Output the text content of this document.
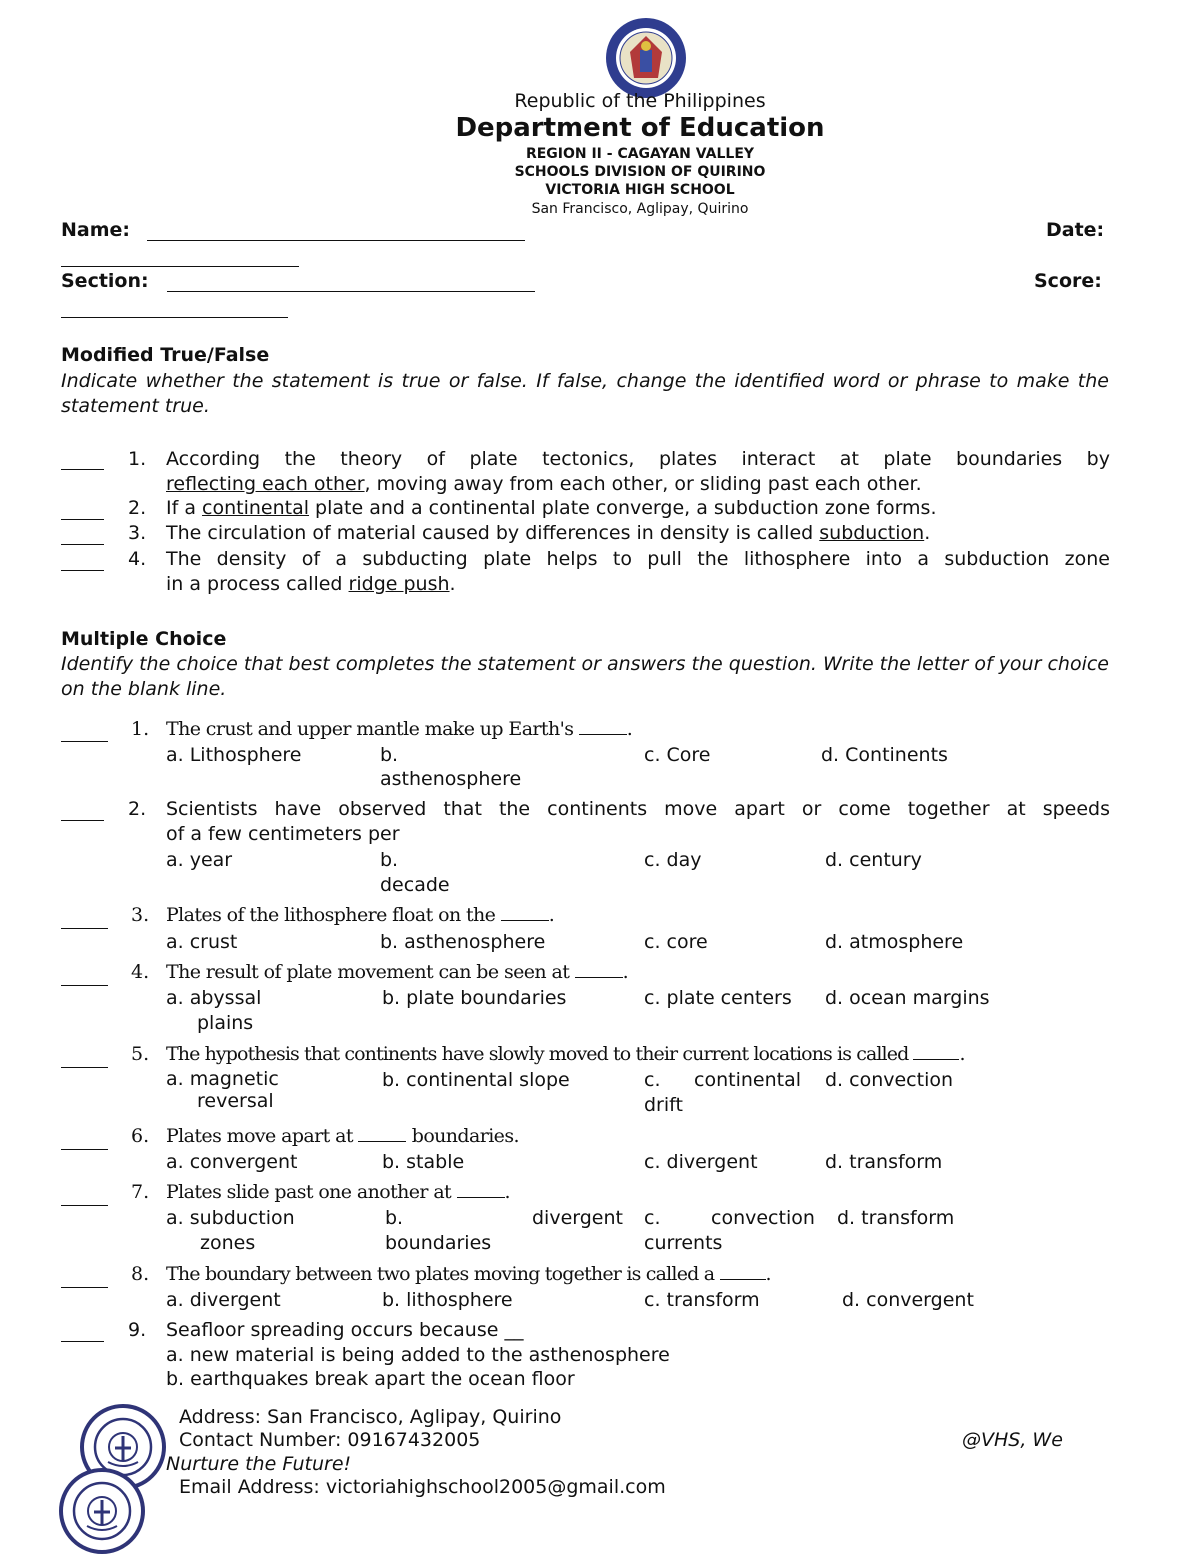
Republic of the Philippines
Department of Education
REGION II - CAGAYAN VALLEY
SCHOOLS DIVISION OF QUIRINO
VICTORIA HIGH SCHOOL
San Francisco, Aglipay, Quirino
Name:	Date:
Section:	Score:
Modified True/False
Indicate whether the statement is true or false. If false, change the identified word or phrase to make the statement true.
1. According the theory of plate tectonics, plates interact at plate boundaries by
reflecting each other, moving away from each other, or sliding past each other.
2. If a continental plate and a continental plate converge, a subduction zone forms.
3. The circulation of material caused by differences in density is called subduction.
4. The density of a subducting plate helps to pull the lithosphere into a subduction zone
in a process called ridge push.
Multiple Choice
Identify the choice that best completes the statement or answers the question. Write the letter of your choice on the blank line.
1. The crust and upper mantle make up Earth's	.
a. Lithosphere	b.
asthenosphere
c. Core	d. Continents
2. Scientists have observed that the continents move apart or come together at speeds
of a few centimeters per
a. year	b.
decade
c. day	d. century
3. Plates of the lithosphere float on the	.
a. crust	b. asthenosphere	c. core	d. atmosphere
4. The result of plate movement can be seen at	.
a. abyssal
plains
b. plate boundaries	c. plate centers d. ocean margins
5. The hypothesis that continents have slowly moved to their current locations is called .
a. magnetic
reversal
b. continental slope	c. continental
drift
d. convection
6. Plates move apart at	boundaries.
a. convergent	b. stable	c. divergent	d. transform
7. Plates slide past one another at	.
a. subduction
zones
b.	divergent
boundaries
c.	convection
currents
d. transform
8. The boundary between two plates moving together is called a .
a. divergent	b. lithosphere	c. transform	d. convergent
9. Seafloor spreading occurs because __
a. new material is being added to the asthenosphere
b. earthquakes break apart the ocean floor
Address: San Francisco, Aglipay, Quirino
Contact Number: 09167432005	@VHS, We
Nurture the Future!
Email Address: victoriahighschool2005@gmail.com
